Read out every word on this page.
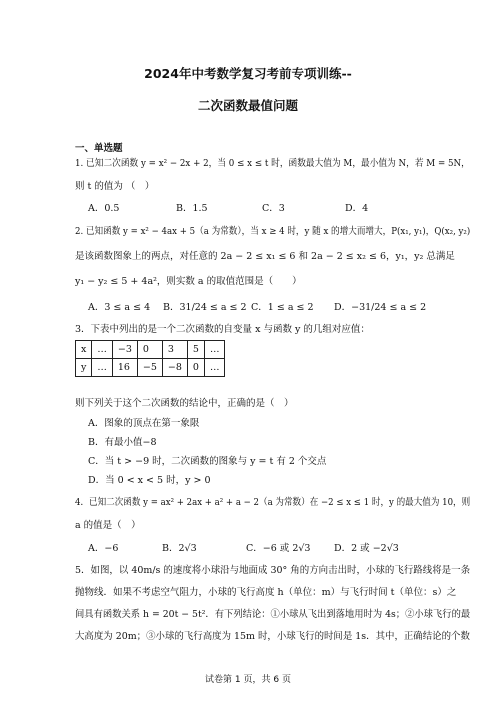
2024年中考数学复习考前专项训练--
二次函数最值问题
一、单选题
1. 已知二次函数 y = x² − 2x + 2，当 0 ≤ x ≤ t 时，函数最大值为 M，最小值为 N，若 M = 5N，
则 t 的值为 （　）
A．0.5	B．1.5	C．3	D．4
2. 已知函数 y = x² − 4ax + 5（a 为常数），当 x ≥ 4 时，y 随 x 的增大而增大，P(x₁, y₁)，Q(x₂, y₂)
是该函数图象上的两点，对任意的 2a − 2 ≤ x₁ ≤ 6 和 2a − 2 ≤ x₂ ≤ 6，y₁，y₂ 总满足
y₁ − y₂ ≤ 5 + 4a²，则实数 a 的取值范围是（　　）
A．3 ≤ a ≤ 4 B．31/24 ≤ a ≤ 2 C．1 ≤ a ≤ 2 D．−31/24 ≤ a ≤ 2
3．下表中列出的是一个二次函数的自变量 x 与函数 y 的几组对应值：
x	…	−3	0	3	5	…
y	…	16	−5	−8	0	…
则下列关于这个二次函数的结论中，正确的是（　）
A．图象的顶点在第一象限
B．有最小值−8
C．当 t > −9 时，二次函数的图象与 y = t 有 2 个交点
D．当 0 < x < 5 时，y > 0
4．已知二次函数 y = ax² + 2ax + a² + a − 2（a 为常数）在 −2 ≤ x ≤ 1 时，y 的最大值为 10，则
a 的值是（　）
A．−6	B．2√3	C．−6 或 2√3 D．2 或 −2√3
5．如图，以 40m/s 的速度将小球沿与地面成 30° 角的方向击出时，小球的飞行路线将是一条
抛物线．如果不考虑空气阻力，小球的飞行高度 h（单位：m）与飞行时间 t（单位：s）之
间具有函数关系 h = 20t − 5t²．有下列结论：①小球从飞出到落地用时为 4s；②小球飞行的最
大高度为 20m；③小球的飞行高度为 15m 时，小球飞行的时间是 1s．其中，正确结论的个数
试卷第 1 页，共 6 页
